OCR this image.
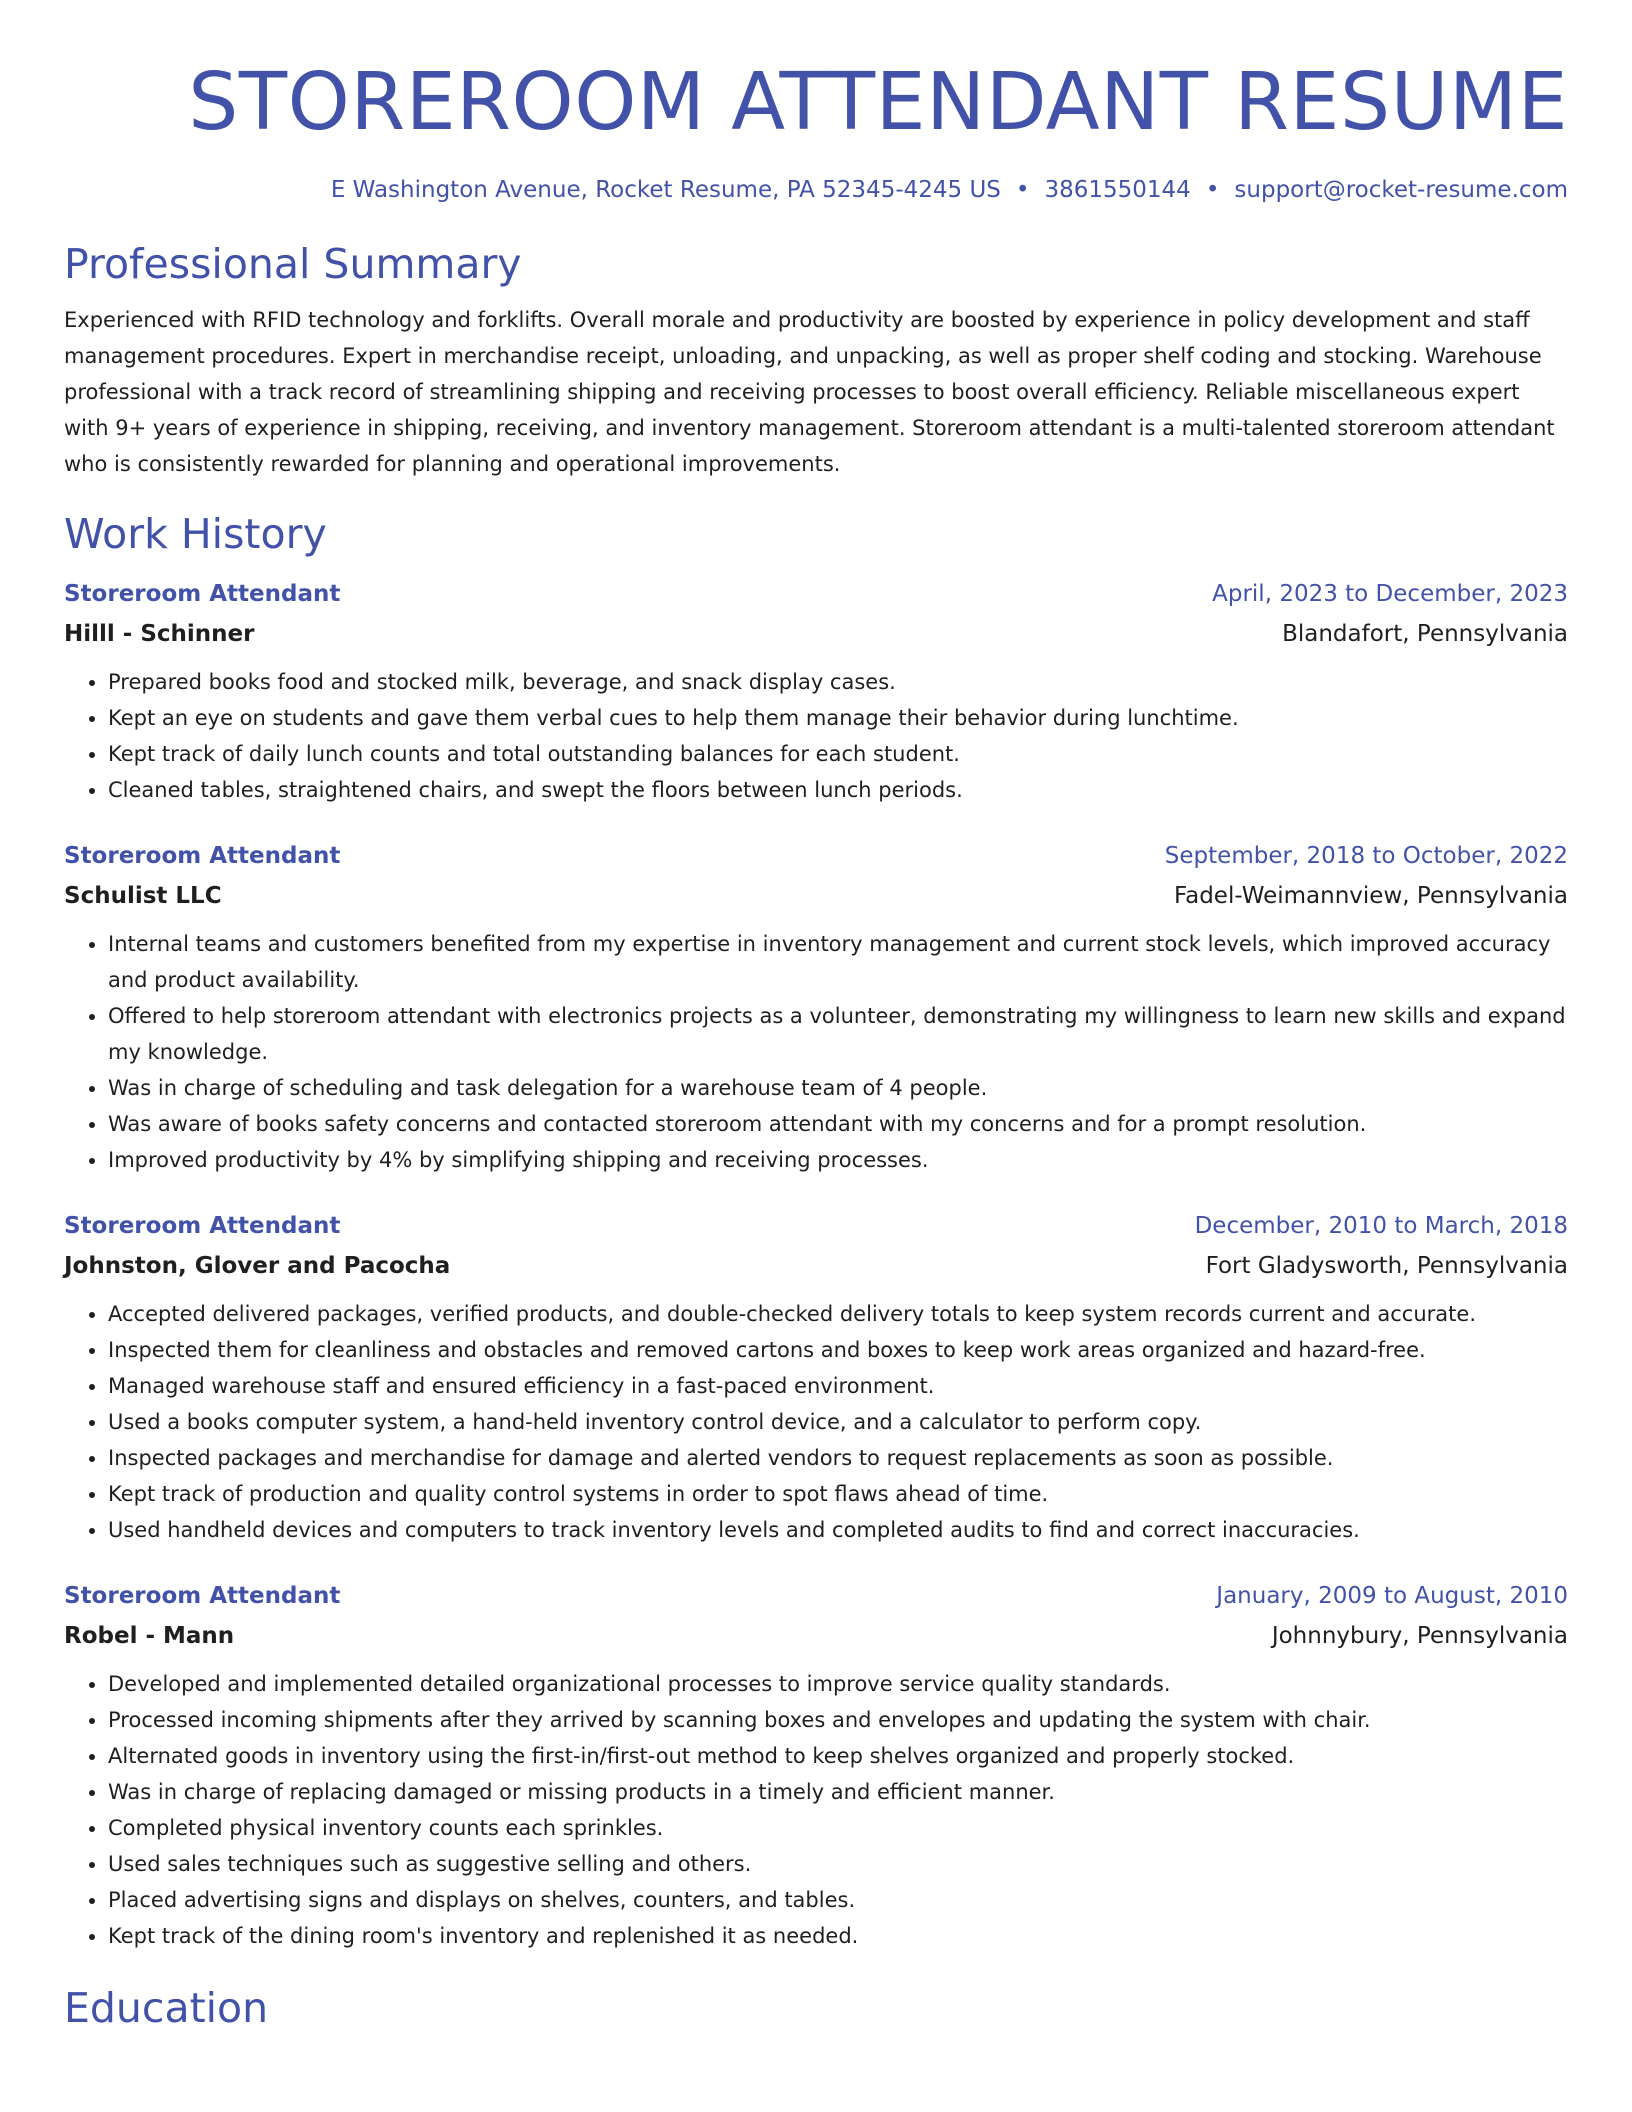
STOREROOM ATTENDANT RESUME
E Washington Avenue, Rocket Resume, PA 52345-4245 US • 3861550144 • support@rocket-resume.com
Professional Summary

Experienced with RFID technology and forklifts. Overall morale and productivity are boosted by experience in policy development and staff management procedures. Expert in merchandise receipt, unloading, and unpacking, as well as proper shelf coding and stocking. Warehouse professional with a track record of streamlining shipping and receiving processes to boost overall efficiency. Reliable miscellaneous expert with 9+ years of experience in shipping, receiving, and inventory management. Storeroom attendant is a multi-talented storeroom attendant who is consistently rewarded for planning and operational improvements.

Work History
Storeroom Attendant	April, 2023 to December, 2023
Hilll - Schinner	Blandafort, Pennsylvania
• Prepared books food and stocked milk, beverage, and snack display cases.
• Kept an eye on students and gave them verbal cues to help them manage their behavior during lunchtime.
• Kept track of daily lunch counts and total outstanding balances for each student.
• Cleaned tables, straightened chairs, and swept the floors between lunch periods.
Storeroom Attendant	September, 2018 to October, 2022
Schulist LLC	Fadel-Weimannview, Pennsylvania
• Internal teams and customers benefited from my expertise in inventory management and current stock levels, which improved accuracy and product availability.
• Offered to help storeroom attendant with electronics projects as a volunteer, demonstrating my willingness to learn new skills and expand my knowledge.
• Was in charge of scheduling and task delegation for a warehouse team of 4 people.
• Was aware of books safety concerns and contacted storeroom attendant with my concerns and for a prompt resolution.
• Improved productivity by 4% by simplifying shipping and receiving processes.
Storeroom Attendant	December, 2010 to March, 2018
Johnston, Glover and Pacocha	Fort Gladysworth, Pennsylvania
• Accepted delivered packages, verified products, and double-checked delivery totals to keep system records current and accurate.
• Inspected them for cleanliness and obstacles and removed cartons and boxes to keep work areas organized and hazard-free.
• Managed warehouse staff and ensured efficiency in a fast-paced environment.
• Used a books computer system, a hand-held inventory control device, and a calculator to perform copy.
• Inspected packages and merchandise for damage and alerted vendors to request replacements as soon as possible.
• Kept track of production and quality control systems in order to spot flaws ahead of time.
• Used handheld devices and computers to track inventory levels and completed audits to find and correct inaccuracies.
Storeroom Attendant	January, 2009 to August, 2010
Robel - Mann	Johnnybury, Pennsylvania
• Developed and implemented detailed organizational processes to improve service quality standards.
• Processed incoming shipments after they arrived by scanning boxes and envelopes and updating the system with chair.
• Alternated goods in inventory using the first-in/first-out method to keep shelves organized and properly stocked.
• Was in charge of replacing damaged or missing products in a timely and efficient manner.
• Completed physical inventory counts each sprinkles.
• Used sales techniques such as suggestive selling and others.
• Placed advertising signs and displays on shelves, counters, and tables.
• Kept track of the dining room's inventory and replenished it as needed.
Education
